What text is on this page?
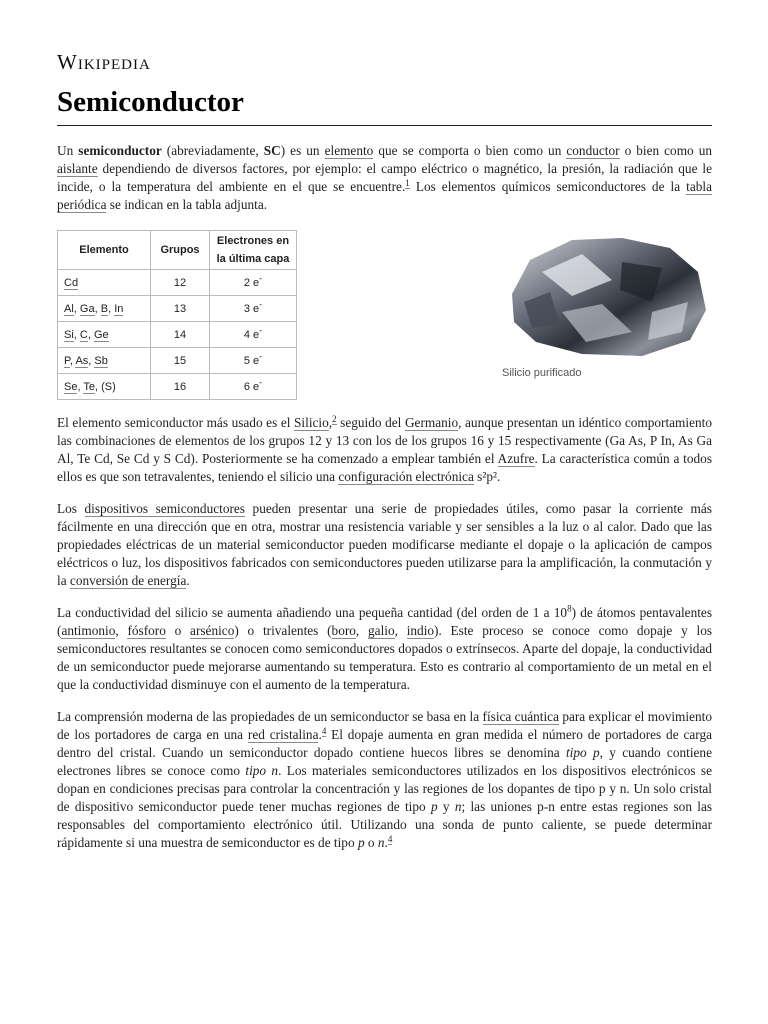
Wikipedia
Semiconductor

Un semiconductor (abreviadamente, SC) es un elemento que se comporta o bien como un conductor o bien como un aislante dependiendo de diversos factores, por ejemplo: el campo eléctrico o magnético, la presión, la radiación que le incide, o la temperatura del ambiente en el que se encuentre.$^1$ Los elementos químicos semiconductores de la tabla periódica se indican en la tabla adjunta.

Silicio purificado
Elemento	Grupos	Electrones en la última capa
Cd	12	2 e-
Al, Ga, B, In	13	3 e-
Si, C, Ge	14	4 e-
P, As, Sb	15	5 e-
Se, Te, (S)	16	6 e-

El elemento semiconductor más usado es el Silicio,$^2$ seguido del Germanio, aunque presentan un idéntico comportamiento las combinaciones de elementos de los grupos 12 y 13 con los de los grupos 16 y 15 respectivamente (Ga As, P In, As Ga Al, Te Cd, Se Cd y S Cd). Posteriormente se ha comenzado a emplear también el Azufre. La característica común a todos ellos es que son tetravalentes, teniendo el silicio una configuración electrónica s²p².

Los dispositivos semiconductores pueden presentar una serie de propiedades útiles, como pasar la corriente más fácilmente en una dirección que en otra, mostrar una resistencia variable y ser sensibles a la luz o al calor. Dado que las propiedades eléctricas de un material semiconductor pueden modificarse mediante el dopaje o la aplicación de campos eléctricos o luz, los dispositivos fabricados con semiconductores pueden utilizarse para la amplificación, la conmutación y la conversión de energía.

La conductividad del silicio se aumenta añadiendo una pequeña cantidad (del orden de 1 a $10^8$) de átomos pentavalentes (antimonio, fósforo o arsénico) o trivalentes (boro, galio, indio). Este proceso se conoce como dopaje y los semiconductores resultantes se conocen como semiconductores dopados o extrínsecos. Aparte del dopaje, la conductividad de un semiconductor puede mejorarse aumentando su temperatura. Esto es contrario al comportamiento de un metal en el que la conductividad disminuye con el aumento de la temperatura.

La comprensión moderna de las propiedades de un semiconductor se basa en la física cuántica para explicar el movimiento de los portadores de carga en una red cristalina.$^4$ El dopaje aumenta en gran medida el número de portadores de carga dentro del cristal. Cuando un semiconductor dopado contiene huecos libres se denomina tipo p, y cuando contiene electrones libres se conoce como tipo n. Los materiales semiconductores utilizados en los dispositivos electrónicos se dopan en condiciones precisas para controlar la concentración y las regiones de los dopantes de tipo p y n. Un solo cristal de dispositivo semiconductor puede tener muchas regiones de tipo p y n; las uniones p-n entre estas regiones son las responsables del comportamiento electrónico útil. Utilizando una sonda de punto caliente, se puede determinar rápidamente si una muestra de semiconductor es de tipo p o n.$^4$
